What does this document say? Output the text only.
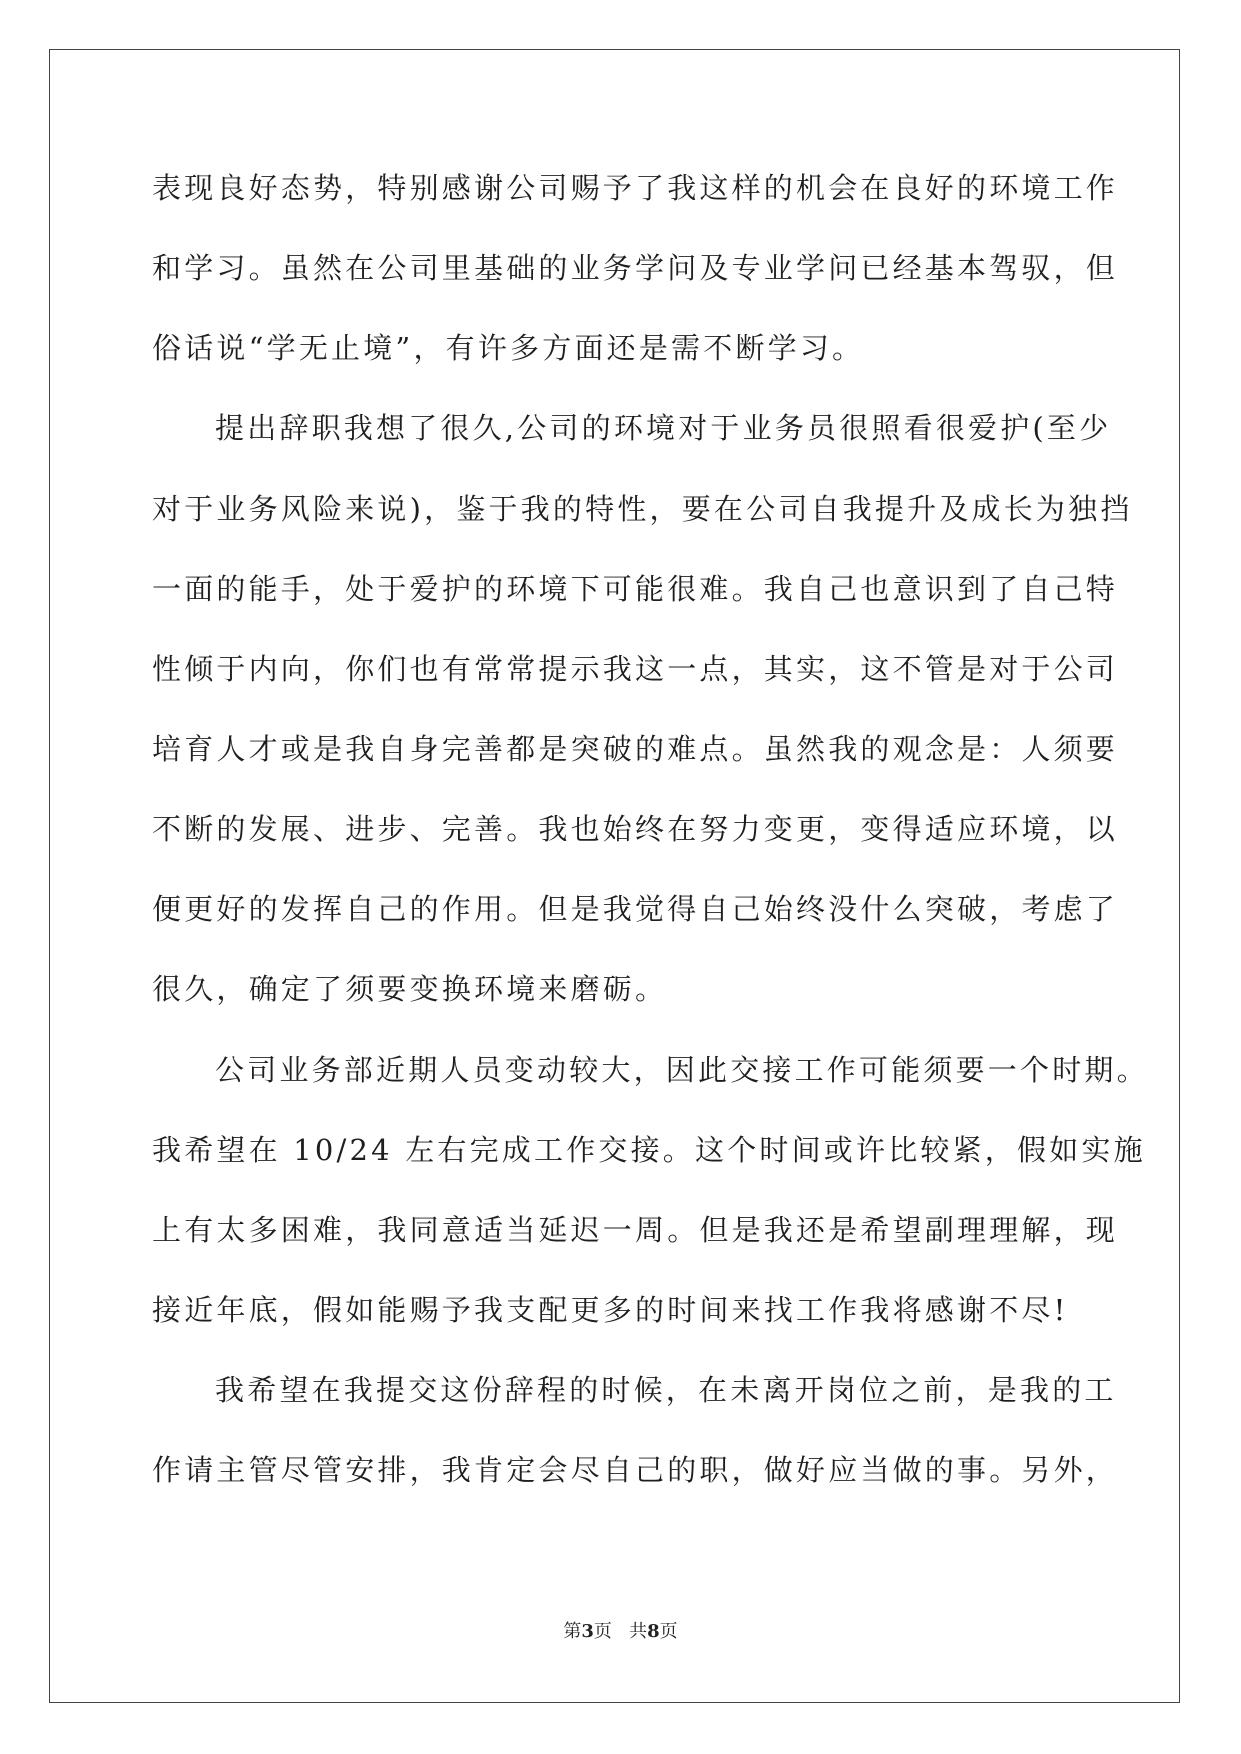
表现良好态势，特别感谢公司赐予了我这样的机会在良好的环境工作
和学习。虽然在公司里基础的业务学问及专业学问已经基本驾驭，但
俗话说“学无止境”，有许多方面还是需不断学习。
提出辞职我想了很久,公司的环境对于业务员很照看很爱护(至少
对于业务风险来说)，鉴于我的特性，要在公司自我提升及成长为独挡
一面的能手，处于爱护的环境下可能很难。我自己也意识到了自己特
性倾于内向，你们也有常常提示我这一点，其实，这不管是对于公司
培育人才或是我自身完善都是突破的难点。虽然我的观念是：人须要
不断的发展、进步、完善。我也始终在努力变更，变得适应环境，以
便更好的发挥自己的作用。但是我觉得自己始终没什么突破，考虑了
很久，确定了须要变换环境来磨砺。
公司业务部近期人员变动较大，因此交接工作可能须要一个时期。
我希望在 10/24 左右完成工作交接。这个时间或许比较紧，假如实施
上有太多困难，我同意适当延迟一周。但是我还是希望副理理解，现
接近年底，假如能赐予我支配更多的时间来找工作我将感谢不尽!
我希望在我提交这份辞程的时候，在未离开岗位之前，是我的工
作请主管尽管安排，我肯定会尽自己的职，做好应当做的事。另外，
第3页 共8页
